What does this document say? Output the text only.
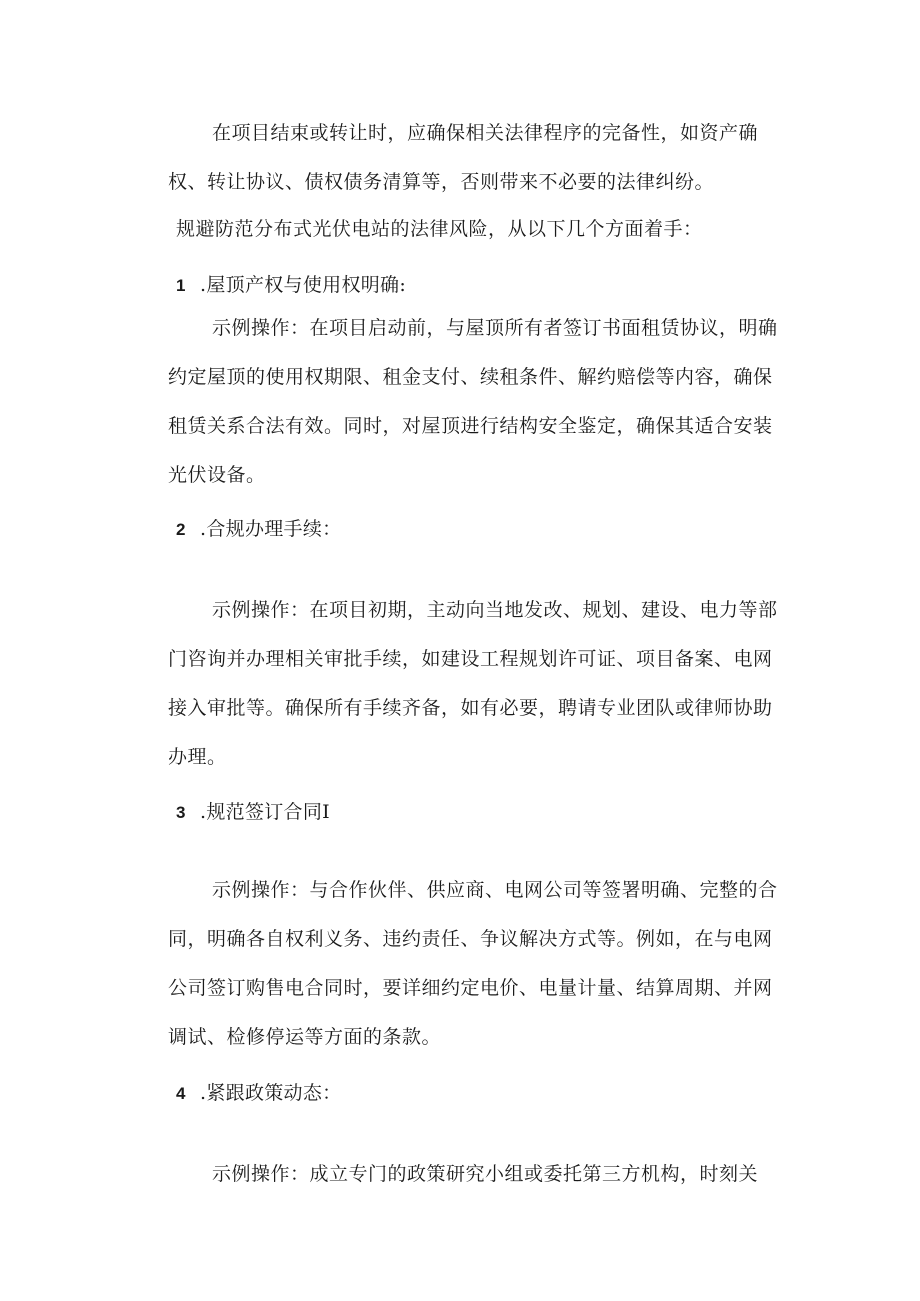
在项目结束或转让时，应确保相关法律程序的完备性，如资产确权、转让协议、债权债务清算等，否则带来不必要的法律纠纷。

规避防范分布式光伏电站的法律风险，从以下几个方面着手：

1 .屋顶产权与使用权明确:

示例操作：在项目启动前，与屋顶所有者签订书面租赁协议，明确约定屋顶的使用权期限、租金支付、续租条件、解约赔偿等内容，确保租赁关系合法有效。同时，对屋顶进行结构安全鉴定，确保其适合安装光伏设备。

2 .合规办理手续：

示例操作：在项目初期，主动向当地发改、规划、建设、电力等部门咨询并办理相关审批手续，如建设工程规划许可证、项目备案、电网接入审批等。确保所有手续齐备，如有必要，聘请专业团队或律师协助办理。

3 .规范签订合同I

示例操作：与合作伙伴、供应商、电网公司等签署明确、完整的合同，明确各自权利义务、违约责任、争议解决方式等。例如，在与电网公司签订购售电合同时，要详细约定电价、电量计量、结算周期、并网调试、检修停运等方面的条款。

4 .紧跟政策动态：

示例操作：成立专门的政策研究小组或委托第三方机构，时刻关
